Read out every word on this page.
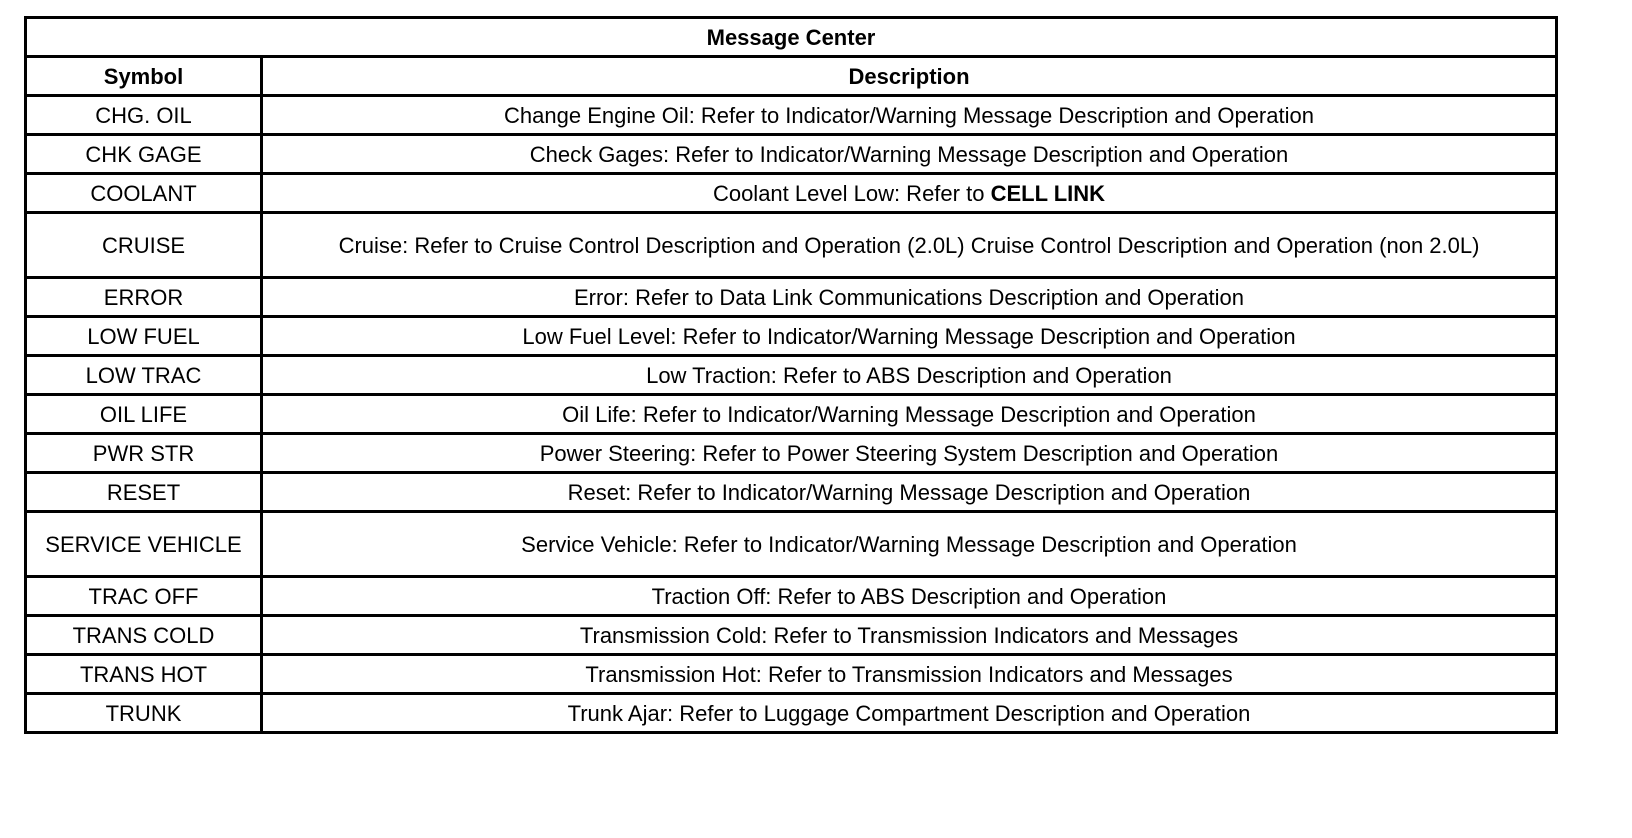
Message Center	
Symbol	Description
CHG. OIL	Change Engine Oil: Refer to Indicator/Warning Message Description and Operation
CHK GAGE	Check Gages: Refer to Indicator/Warning Message Description and Operation
COOLANT	Coolant Level Low: Refer to CELL LINK
CRUISE	Cruise: Refer to Cruise Control Description and Operation (2.0L) Cruise Control Description and Operation (non 2.0L)
ERROR	Error: Refer to Data Link Communications Description and Operation
LOW FUEL	Low Fuel Level: Refer to Indicator/Warning Message Description and Operation
LOW TRAC	Low Traction: Refer to ABS Description and Operation
OIL LIFE	Oil Life: Refer to Indicator/Warning Message Description and Operation
PWR STR	Power Steering: Refer to Power Steering System Description and Operation
RESET	Reset: Refer to Indicator/Warning Message Description and Operation
SERVICE VEHICLE	Service Vehicle: Refer to Indicator/Warning Message Description and Operation
TRAC OFF	Traction Off: Refer to ABS Description and Operation
TRANS COLD	Transmission Cold: Refer to Transmission Indicators and Messages
TRANS HOT	Transmission Hot: Refer to Transmission Indicators and Messages
TRUNK	Trunk Ajar: Refer to Luggage Compartment Description and Operation
